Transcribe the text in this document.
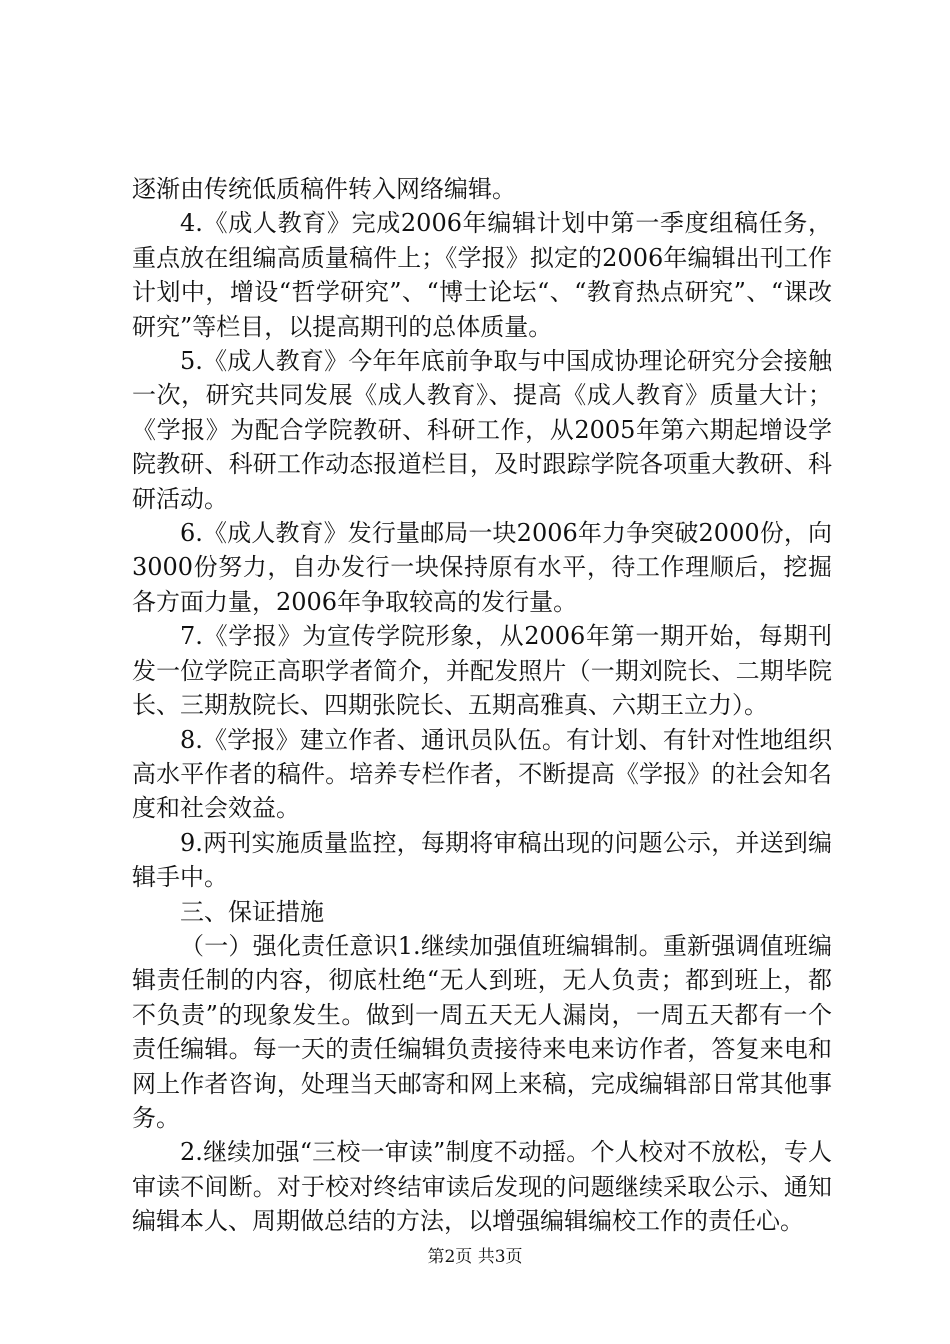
逐渐由传统低质稿件转入网络编辑。

4.《成人教育》完成2006年编辑计划中第一季度组稿任务，重点放在组编高质量稿件上；《学报》拟定的2006年编辑出刊工作计划中，增设“哲学研究”、“博士论坛“、“教育热点研究”、“课改研究”等栏目，以提高期刊的总体质量。

5.《成人教育》今年年底前争取与中国成协理论研究分会接触一次，研究共同发展《成人教育》、提高《成人教育》质量大计；《学报》为配合学院教研、科研工作，从2005年第六期起增设学院教研、科研工作动态报道栏目，及时跟踪学院各项重大教研、科研活动。

6.《成人教育》发行量邮局一块2006年力争突破2000份，向3000份努力，自办发行一块保持原有水平，待工作理顺后，挖掘各方面力量，2006年争取较高的发行量。

7.《学报》为宣传学院形象，从2006年第一期开始，每期刊发一位学院正高职学者简介，并配发照片（一期刘院长、二期毕院长、三期敖院长、四期张院长、五期高雅真、六期王立力）。

8.《学报》建立作者、通讯员队伍。有计划、有针对性地组织高水平作者的稿件。培养专栏作者，不断提高《学报》的社会知名度和社会效益。

9.两刊实施质量监控，每期将审稿出现的问题公示，并送到编辑手中。

三、保证措施

（一）强化责任意识1.继续加强值班编辑制。重新强调值班编辑责任制的内容，彻底杜绝“无人到班，无人负责；都到班上，都不负责”的现象发生。做到一周五天无人漏岗，一周五天都有一个责任编辑。每一天的责任编辑负责接待来电来访作者，答复来电和网上作者咨询，处理当天邮寄和网上来稿，完成编辑部日常其他事务。

2.继续加强“三校一审读”制度不动摇。个人校对不放松，专人审读不间断。对于校对终结审读后发现的问题继续采取公示、通知编辑本人、周期做总结的方法，以增强编辑编校工作的责任心。

第2页 共3页
